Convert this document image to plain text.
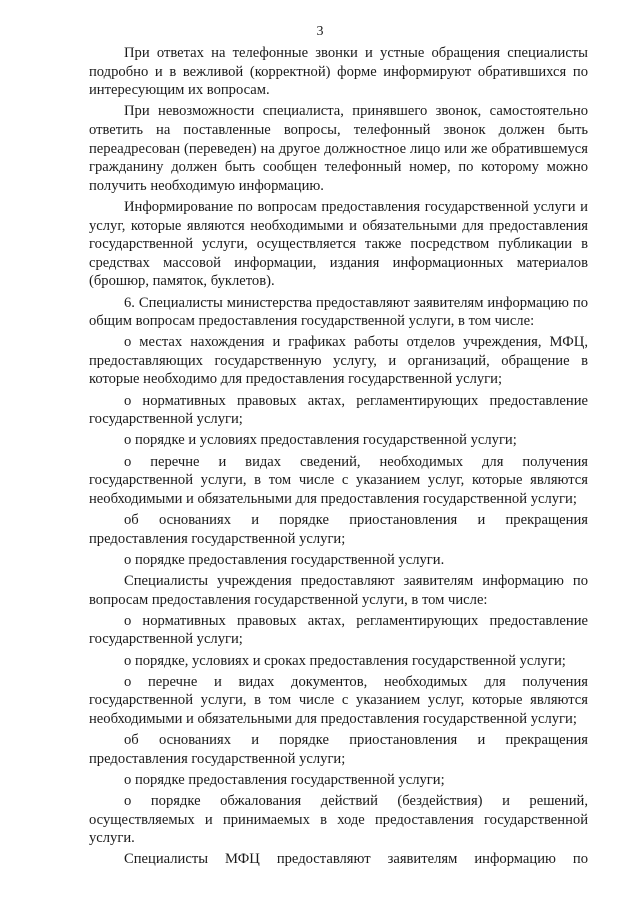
3

При ответах на телефонные звонки и устные обращения специалисты подробно и в вежливой (корректной) форме информируют обратившихся по интересующим их вопросам.

При невозможности специалиста, принявшего звонок, самостоятельно ответить на поставленные вопросы, телефонный звонок должен быть переадресован (переведен) на другое должностное лицо или же обратившемуся гражданину должен быть сообщен телефонный номер, по которому можно получить необходимую информацию.

Информирование по вопросам предоставления государственной услуги и услуг, которые являются необходимыми и обязательными для предоставления государственной услуги, осуществляется также посредством публикации в средствах массовой информации, издания информационных материалов (брошюр, памяток, буклетов).

6. Специалисты министерства предоставляют заявителям информацию по общим вопросам предоставления государственной услуги, в том числе:

о местах нахождения и графиках работы отделов учреждения, МФЦ, предоставляющих государственную услугу, и организаций, обращение в которые необходимо для предоставления государственной услуги;

о нормативных правовых актах, регламентирующих предоставление государственной услуги;

о порядке и условиях предоставления государственной услуги;

о перечне и видах сведений, необходимых для получения государственной услуги, в том числе с указанием услуг, которые являются необходимыми и обязательными для предоставления государственной услуги;

об основаниях и порядке приостановления и прекращения предоставления государственной услуги;

о порядке предоставления государственной услуги.

Специалисты учреждения предоставляют заявителям информацию по вопросам предоставления государственной услуги, в том числе:

о нормативных правовых актах, регламентирующих предоставление государственной услуги;

о порядке, условиях и сроках предоставления государственной услуги;

о перечне и видах документов, необходимых для получения государственной услуги, в том числе с указанием услуг, которые являются необходимыми и обязательными для предоставления государственной услуги;

об основаниях и порядке приостановления и прекращения предоставления государственной услуги;

о порядке предоставления государственной услуги;

о порядке обжалования действий (бездействия) и решений, осуществляемых и принимаемых в ходе предоставления государственной услуги.

Специалисты МФЦ предоставляют заявителям информацию по
